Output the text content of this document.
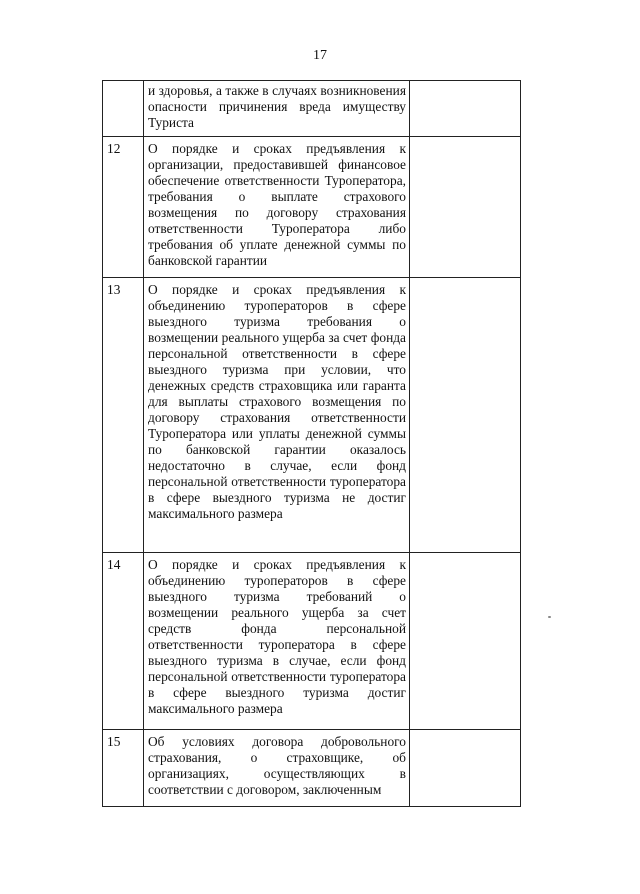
17
	и здоровья, а также в случаях возникновения опасности причинения вреда имуществу Туриста	
12	О порядке и сроках предъявления к организации, предоставившей финансовое обеспечение ответственности Туроператора, требования о выплате страхового возмещения по договору страхования ответственности Туроператора либо требования об уплате денежной суммы по банковской гарантии	
13	О порядке и сроках предъявления к объединению туроператоров в сфере выездного туризма требования о возмещении реального ущерба за счет фонда персональной ответственности в сфере выездного туризма при условии, что денежных средств страховщика или гаранта для выплаты страхового возмещения по договору страхования ответственности Туроператора или уплаты денежной суммы по банковской гарантии оказалось недостаточно в случае, если фонд персональной ответственности туроператора в сфере выездного туризма не достиг максимального размера	
14	О порядке и сроках предъявления к объединению туроператоров в сфере выездного туризма требований о возмещении реального ущерба за счет средств фонда персональной ответственности туроператора в сфере выездного туризма в случае, если фонд персональной ответственности туроператора в сфере выездного туризма достиг максимального размера	
15	Об условиях договора добровольного страхования, о страховщике, об организациях, осуществляющих в соответствии с договором, заключенным	
